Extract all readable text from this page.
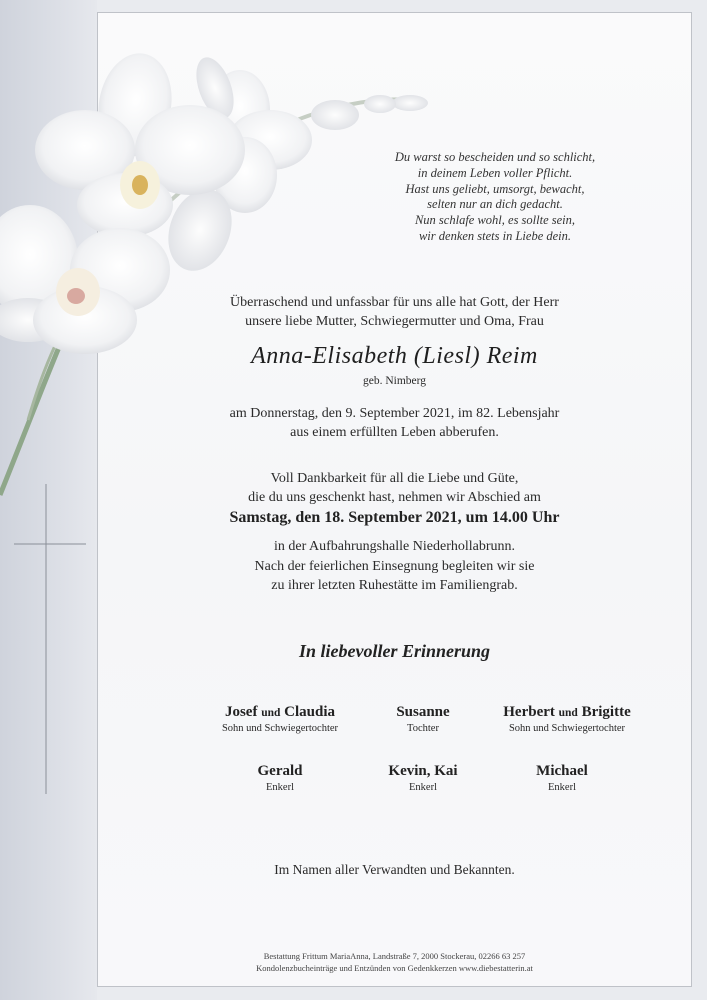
Du warst so bescheiden und so schlicht,
in deinem Leben voller Pflicht.
Hast uns geliebt, umsorgt, bewacht,
selten nur an dich gedacht.
Nun schlafe wohl, es sollte sein,
wir denken stets in Liebe dein.
Überraschend und unfassbar für uns alle hat Gott, der Herr
unsere liebe Mutter, Schwiegermutter und Oma, Frau
Anna-Elisabeth (Liesl) Reim
geb. Nimberg
am Donnerstag, den 9. September 2021, im 82. Lebensjahr
aus einem erfüllten Leben abberufen.
Voll Dankbarkeit für all die Liebe und Güte,
die du uns geschenkt hast, nehmen wir Abschied am
Samstag, den 18. September 2021, um 14.00 Uhr
in der Aufbahrungshalle Niederhollabrunn.
Nach der feierlichen Einsegnung begleiten wir sie
zu ihrer letzten Ruhestätte im Familiengrab.
In liebevoller Erinnerung
Josef und Claudia
Sohn und Schwiegertochter
Susanne
Tochter
Herbert und Brigitte
Sohn und Schwiegertochter
Gerald
Enkerl
Kevin, Kai
Enkerl
Michael
Enkerl
Im Namen aller Verwandten und Bekannten.
Bestattung Frittum MariaAnna, Landstraße 7, 2000 Stockerau, 02266 63 257
Kondolenzbucheinträge und Entzünden von Gedenkkerzen www.diebestatterin.at
